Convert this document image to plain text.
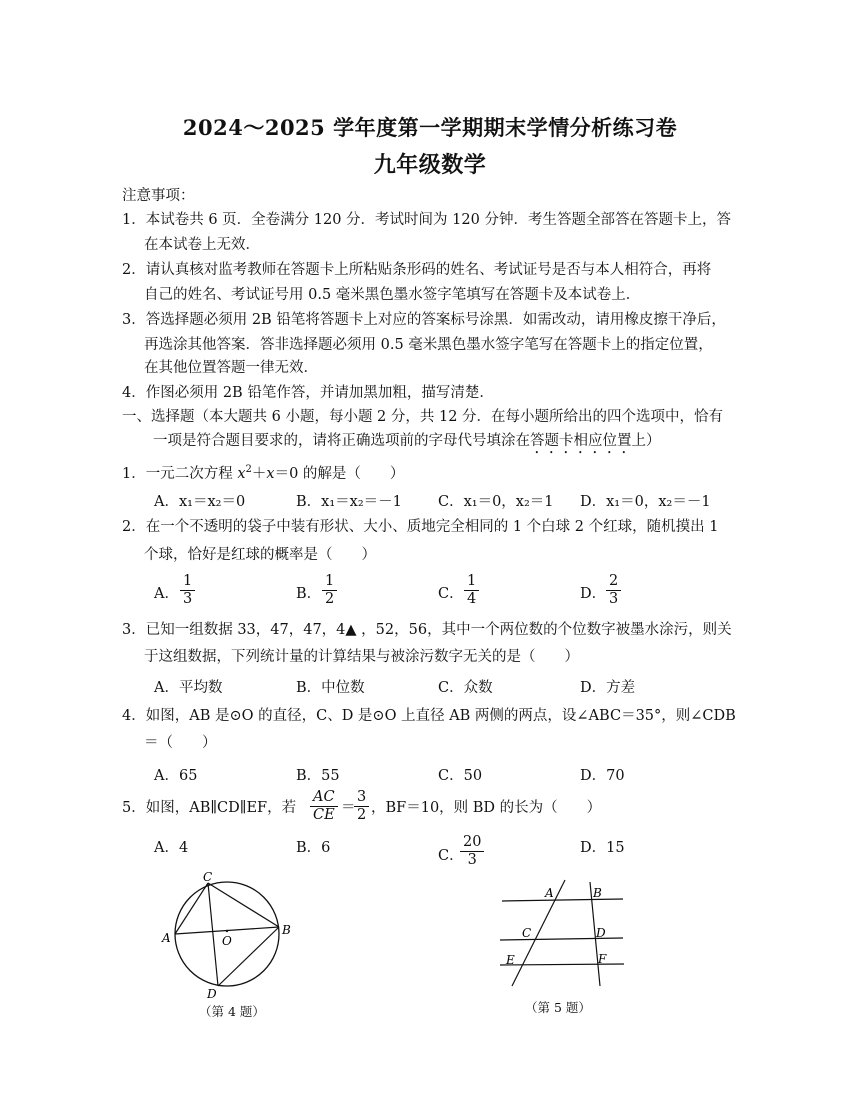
2024～2025 学年度第一学期期末学情分析练习卷
九年级数学
注意事项：
1．本试卷共 6 页．全卷满分 120 分．考试时间为 120 分钟．考生答题全部答在答题卡上，答
在本试卷上无效．
2．请认真核对监考教师在答题卡上所粘贴条形码的姓名、考试证号是否与本人相符合，再将
自己的姓名、考试证号用 0.5 毫米黑色墨水签字笔填写在答题卡及本试卷上．
3．答选择题必须用 2B 铅笔将答题卡上对应的答案标号涂黑．如需改动，请用橡皮擦干净后，
再选涂其他答案．答非选择题必须用 0.5 毫米黑色墨水签字笔写在答题卡上的指定位置，
在其他位置答题一律无效．
4．作图必须用 2B 铅笔作答，并请加黑加粗，描写清楚．
一、选择题（本大题共 6 小题，每小题 2 分，共 12 分．在每小题所给出的四个选项中，恰有
一项是符合题目要求的，请将正确选项前的字母代号填涂在答题卡相应位置上）
1．一元二次方程 $x^2+x=0$ 的解是（　　）
A．x₁＝x₂＝0	B．x₁＝x₂＝－1 C．x₁＝0，x₂＝1 D．x₁＝0，x₂＝－1
2．在一个不透明的袋子中装有形状、大小、质地完全相同的 1 个白球 2 个红球，随机摸出 1
个球，恰好是红球的概率是（　　）
A． $\frac{1}{3}$	B． $\frac{1}{2}$	C． $\frac{1}{4}$	D． $\frac{2}{3}$
3．已知一组数据 33，47，47，4▲ ，52，56，其中一个两位数的个位数字被墨水涂污，则关
于这组数据，下列统计量的计算结果与被涂污数字无关的是（　　）
A．平均数	B．中位数	C．众数	D．方差
4．如图，AB 是⊙O 的直径，C、D 是⊙O 上直径 AB 两侧的两点，设∠ABC＝35°，则∠CDB
＝（　　）
A．65	B．55	C．50	D．70
5．如图，AB∥CD∥EF，若 $\frac{AC}{CE}$ ＝
$\frac{3}{2}$ ，BF＝10，则 BD 的长为（　　）
A．4	B．6	C．
$\frac{20}{3}$	D．15
C
A
B
O
D
（第 4 题）
A	B
C	D
E	F
（第 5 题）
